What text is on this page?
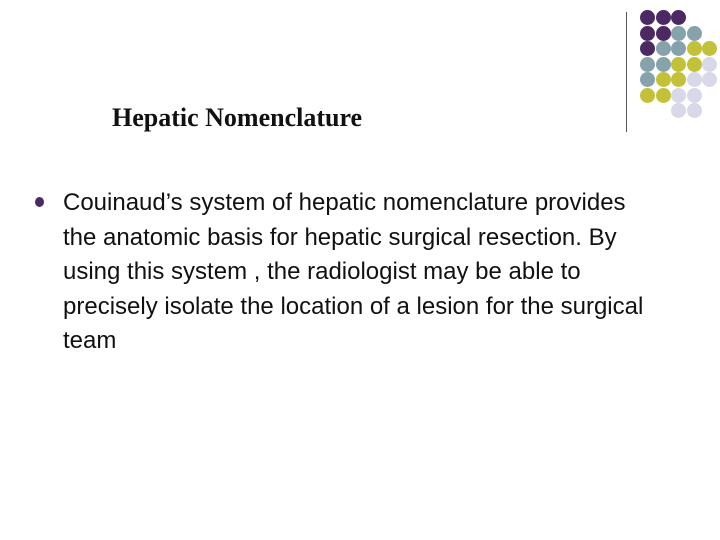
Hepatic Nomenclature
Couinaud’s system of hepatic nomenclature provides the anatomic basis for hepatic surgical resection. By using this system , the radiologist may be able to precisely isolate the location of a lesion for the surgical team
